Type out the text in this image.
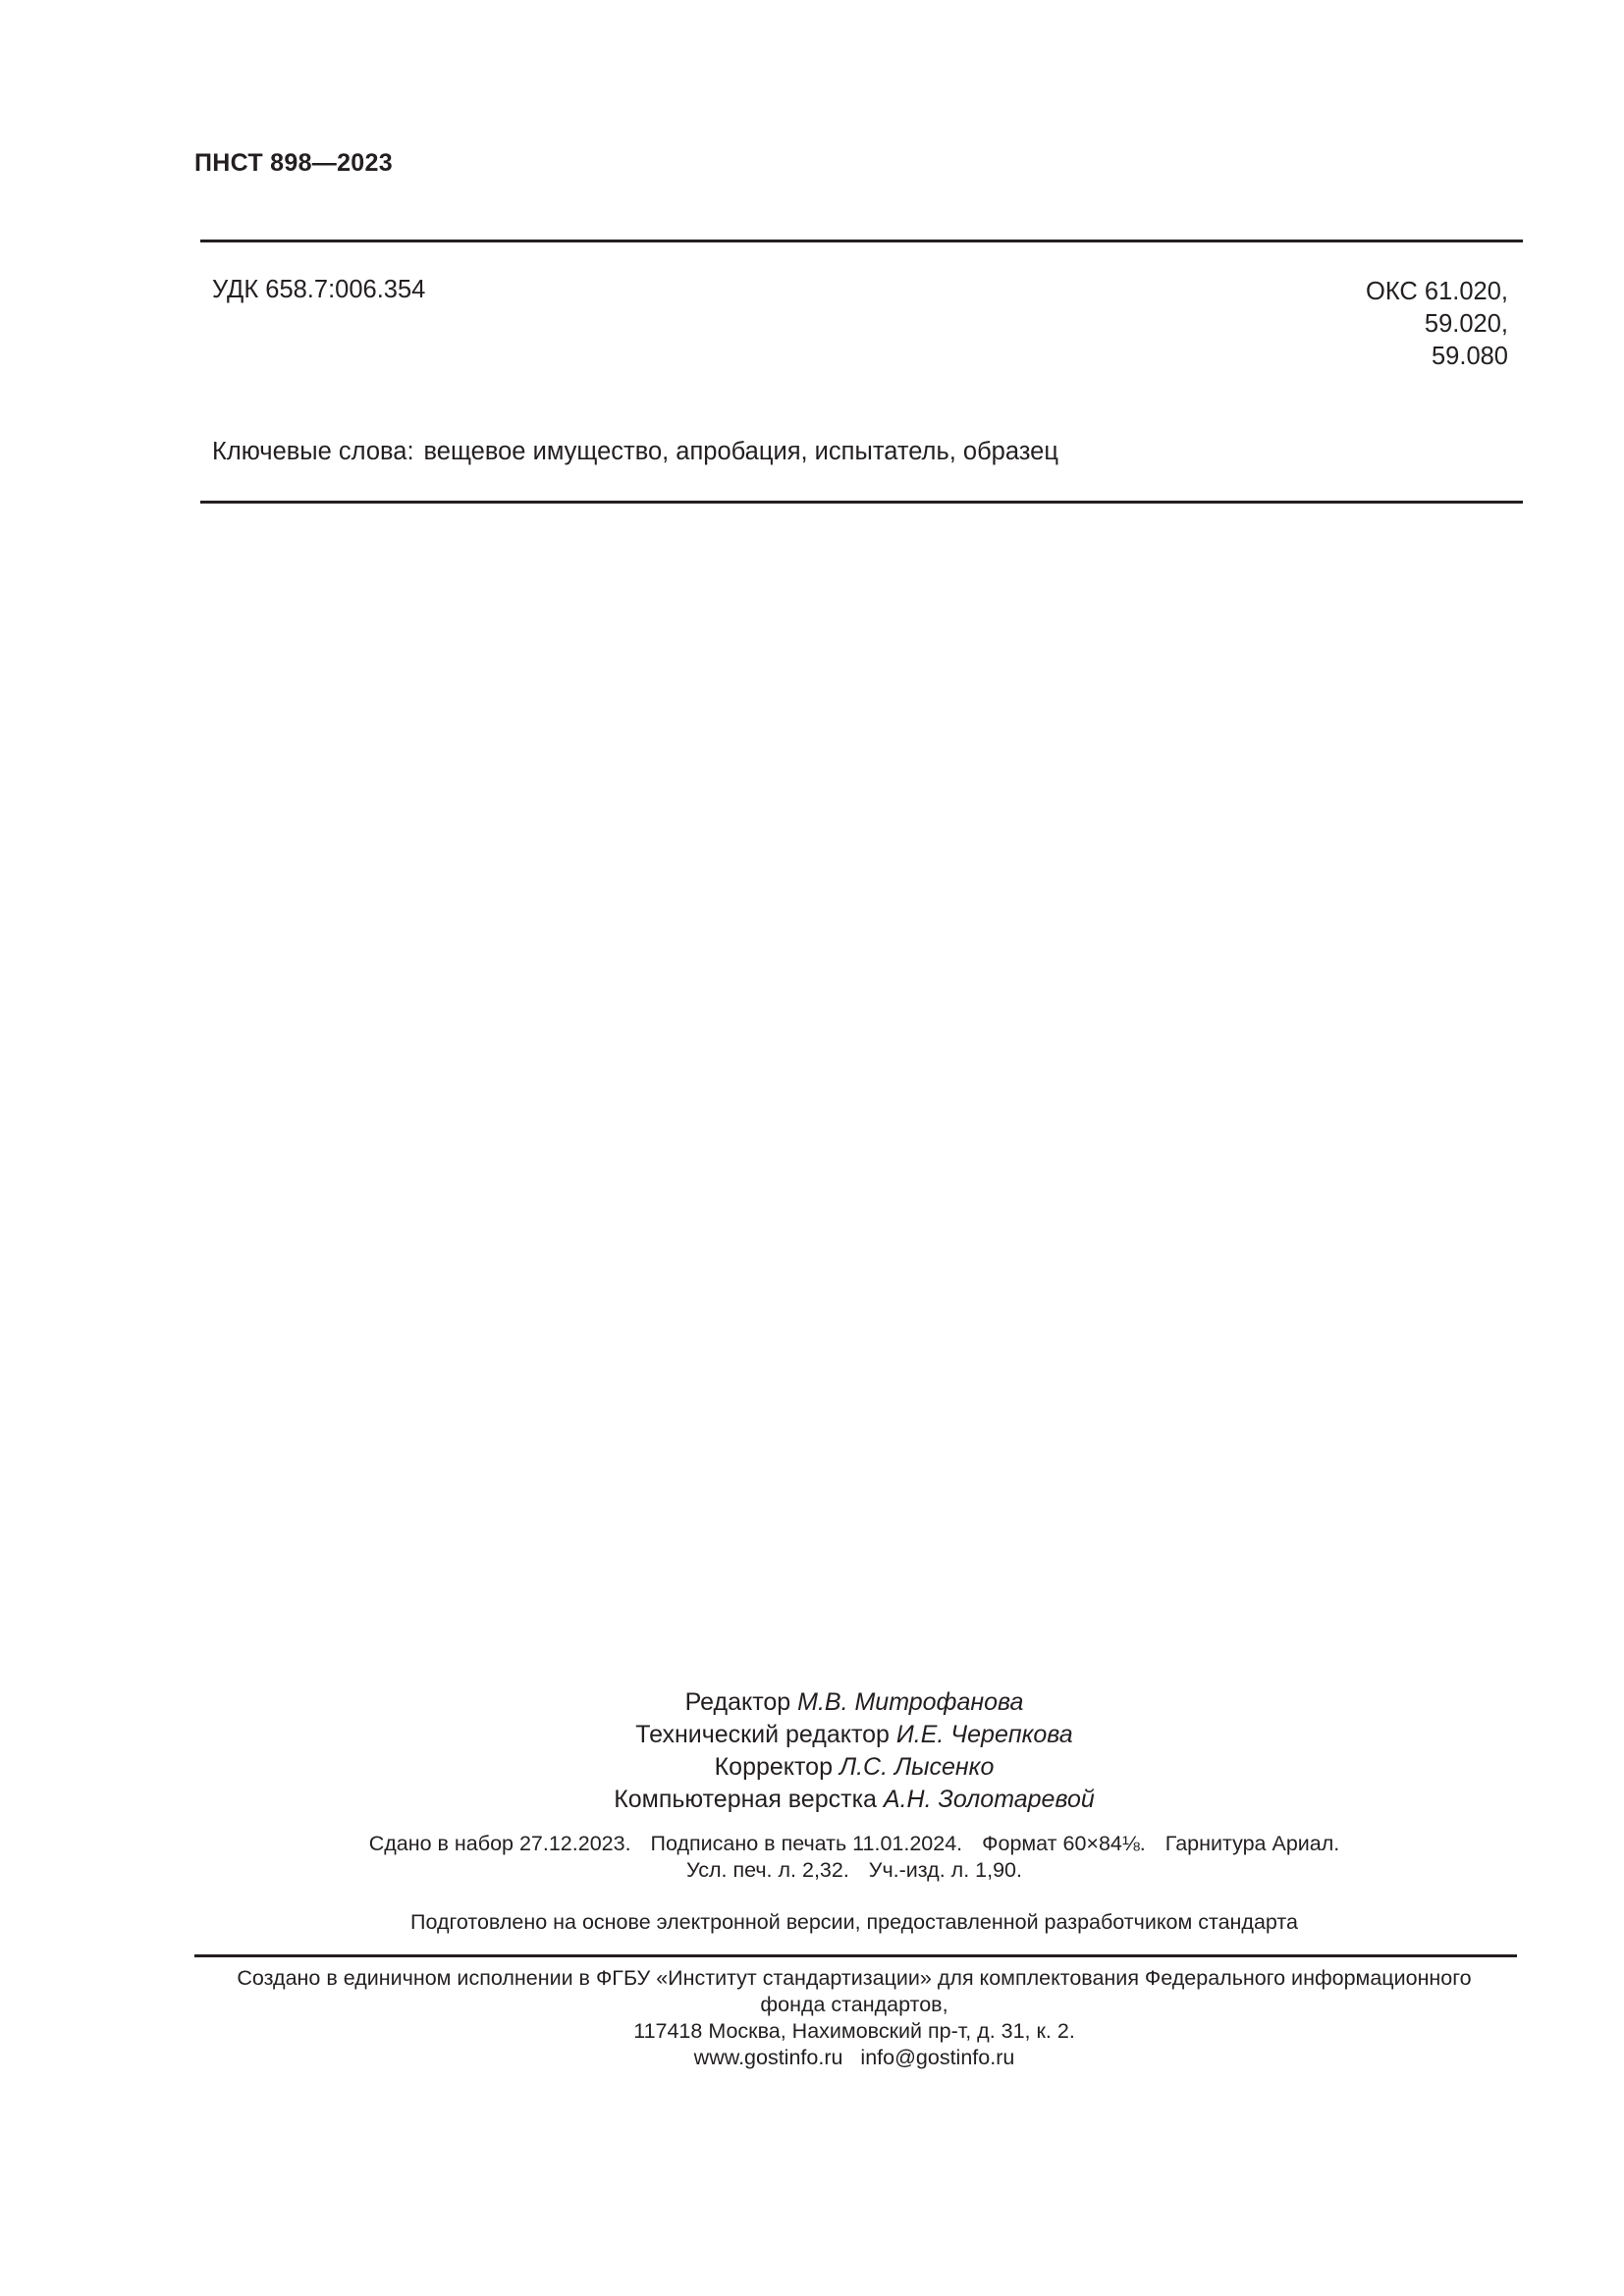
ПНСТ 898—2023
УДК 658.7:006.354	ОКС 61.020,
59.020,
59.080
Ключевые слова: вещевое имущество, апробация, испытатель, образец
Редактор М.В. Митрофанова
Технический редактор И.Е. Черепкова
Корректор Л.С. Лысенко
Компьютерная верстка А.Н. Золотаревой
Сдано в набор 27.12.2023. Подписано в печать 11.01.2024. Формат 60×84⅛. Гарнитура Ариал.
Усл. печ. л. 2,32. Уч.-изд. л. 1,90.
Подготовлено на основе электронной версии, предоставленной разработчиком стандарта
Создано в единичном исполнении в ФГБУ «Институт стандартизации» для комплектования Федерального информационного
фонда стандартов,
117418 Москва, Нахимовский пр-т, д. 31, к. 2.
www.gostinfo.ru info@gostinfo.ru
